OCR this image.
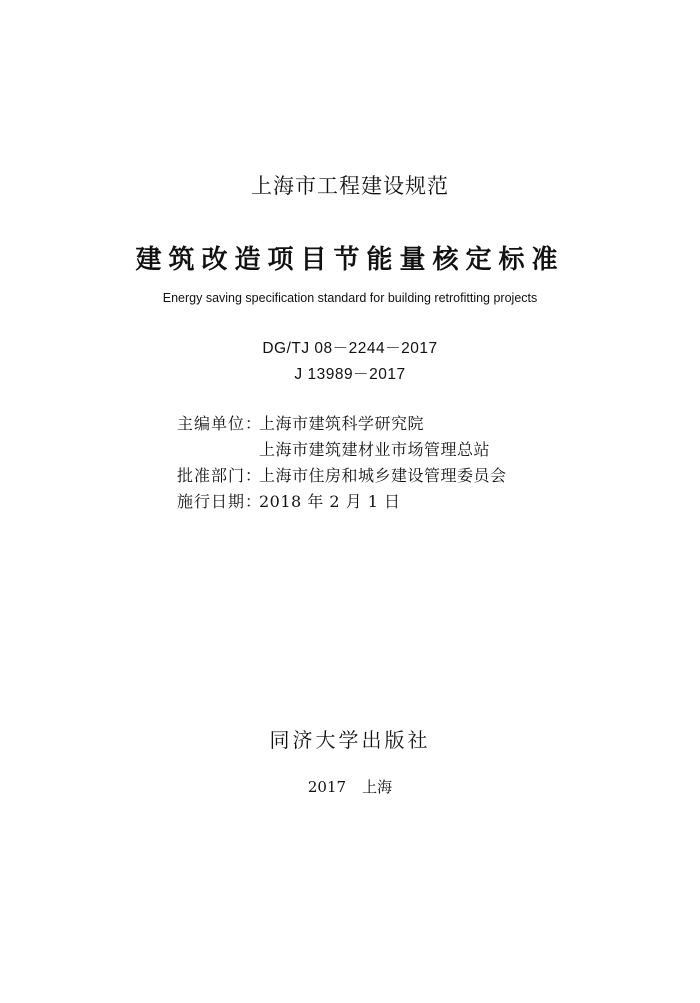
上海市工程建设规范
建筑改造项目节能量核定标准
Energy saving specification standard for building retrofitting projects
DG/TJ 08－2244－2017
J 13989－2017
主编单位：上海市建筑科学研究院
上海市建筑建材业市场管理总站
批准部门：上海市住房和城乡建设管理委员会
施行日期：2018 年 2 月 1 日
同济大学出版社
2017 上海
